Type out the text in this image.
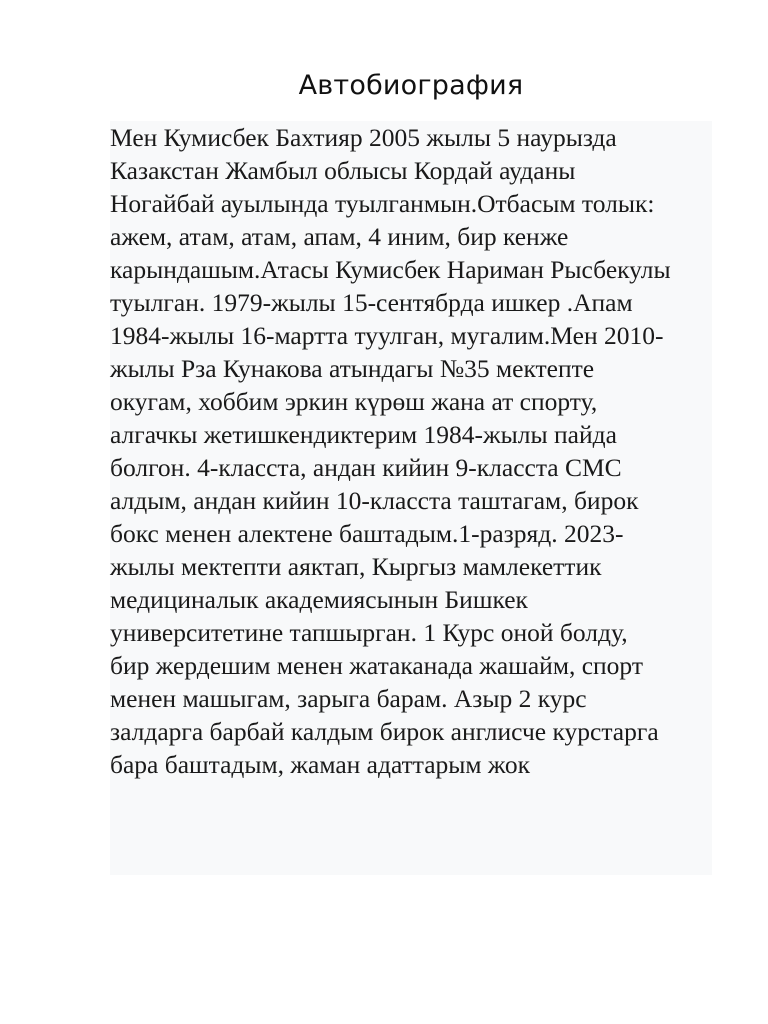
Автобиография

Мен Кумисбек Бахтияр 2005 жылы 5 наурызда
Казакстан Жамбыл облысы Кордай ауданы
Ногайбай ауылында туылганмын.Отбасым толык:
ажем, атам, атам, апам, 4 иним, бир кенже
карындашым.Атасы Кумисбек Нариман Рысбекулы
туылган. 1979-жылы 15-сентябрда ишкер .Апам
1984-жылы 16-мартта туулган, мугалим.Мен 2010-
жылы Рза Кунакова атындагы №35 мектепте
окугам, хоббим эркин күрөш жана ат спорту,
алгачкы жетишкендиктерим 1984-жылы пайда
болгон. 4-класста, андан кийин 9-класста СМС
алдым, андан кийин 10-класста таштагам, бирок
бокс менен алектене баштадым.1-разряд. 2023-
жылы мектепти аяктап, Кыргыз мамлекеттик
медициналык академиясынын Бишкек
университетине тапшырган. 1 Курс оной болду,
бир жердешим менен жатаканада жашайм, спорт
менен машыгам, зарыга барам. Азыр 2 курс
залдарга барбай калдым бирок англисче курстарга
бара баштадым, жаман адаттарым жок
